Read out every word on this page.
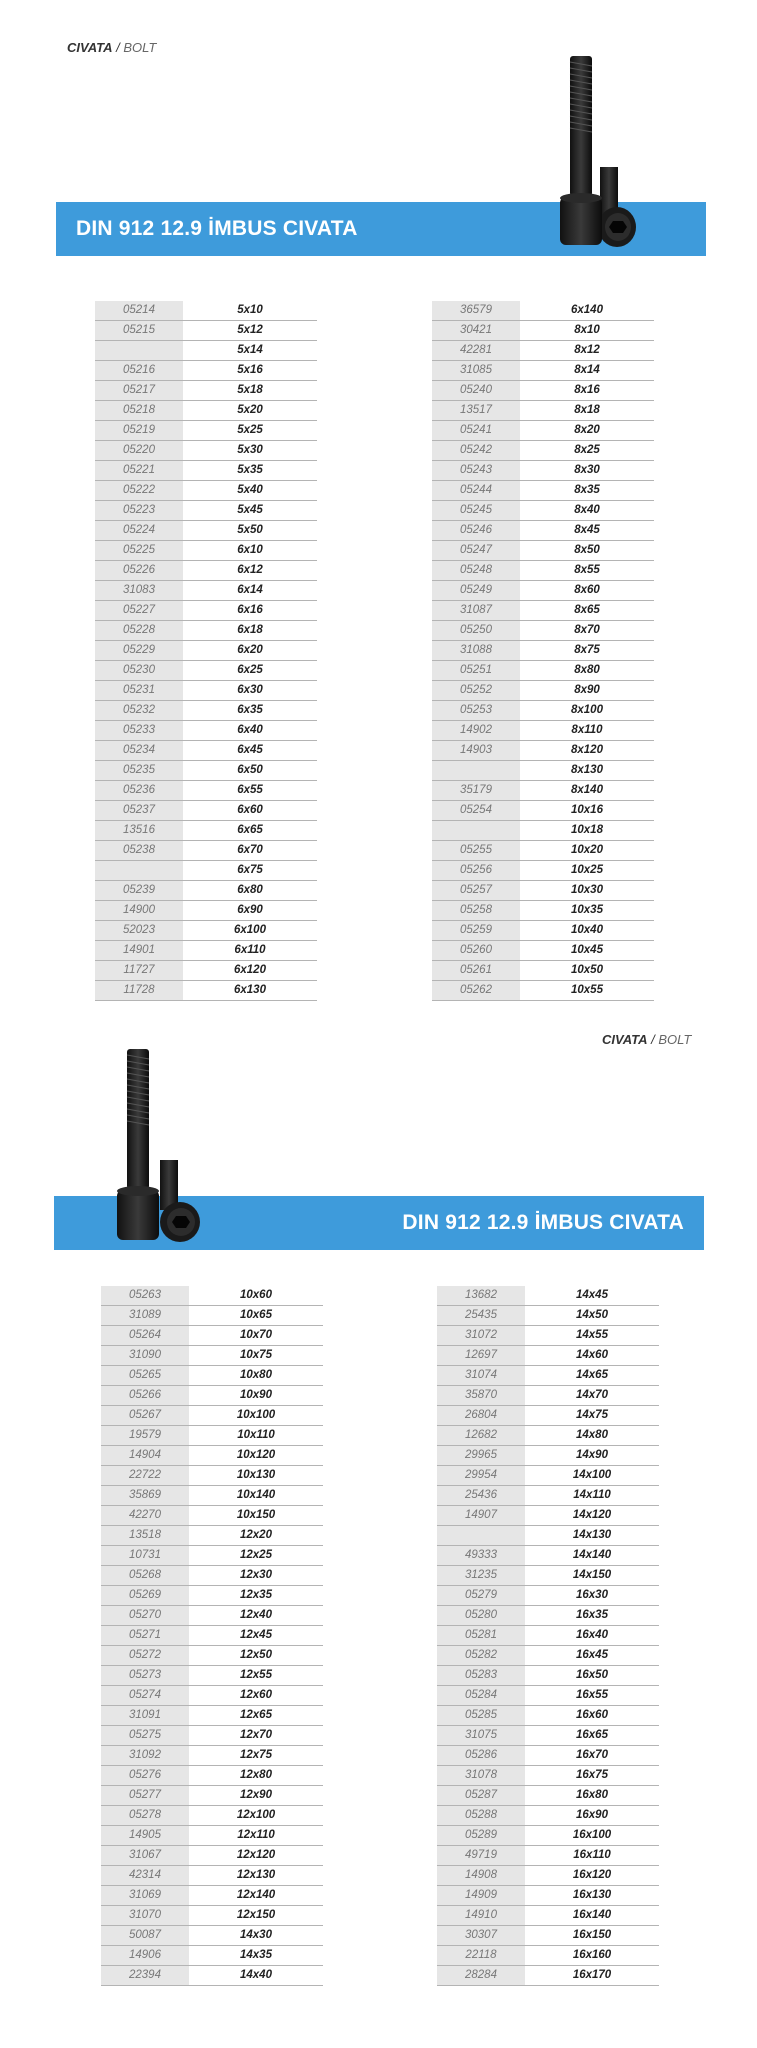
CIVATA / BOLT
DIN 912 12.9 İMBUS CIVATA
05214	5x10
05215	5x12
	5x14
05216	5x16
05217	5x18
05218	5x20
05219	5x25
05220	5x30
05221	5x35
05222	5x40
05223	5x45
05224	5x50
05225	6x10
05226	6x12
31083	6x14
05227	6x16
05228	6x18
05229	6x20
05230	6x25
05231	6x30
05232	6x35
05233	6x40
05234	6x45
05235	6x50
05236	6x55
05237	6x60
13516	6x65
05238	6x70
	6x75
05239	6x80
14900	6x90
52023	6x100
14901	6x110
11727	6x120
11728	6x130
36579	6x140
30421	8x10
42281	8x12
31085	8x14
05240	8x16
13517	8x18
05241	8x20
05242	8x25
05243	8x30
05244	8x35
05245	8x40
05246	8x45
05247	8x50
05248	8x55
05249	8x60
31087	8x65
05250	8x70
31088	8x75
05251	8x80
05252	8x90
05253	8x100
14902	8x110
14903	8x120
	8x130
35179	8x140
05254	10x16
	10x18
05255	10x20
05256	10x25
05257	10x30
05258	10x35
05259	10x40
05260	10x45
05261	10x50
05262	10x55
CIVATA / BOLT
DIN 912 12.9 İMBUS CIVATA
05263	10x60
31089	10x65
05264	10x70
31090	10x75
05265	10x80
05266	10x90
05267	10x100
19579	10x110
14904	10x120
22722	10x130
35869	10x140
42270	10x150
13518	12x20
10731	12x25
05268	12x30
05269	12x35
05270	12x40
05271	12x45
05272	12x50
05273	12x55
05274	12x60
31091	12x65
05275	12x70
31092	12x75
05276	12x80
05277	12x90
05278	12x100
14905	12x110
31067	12x120
42314	12x130
31069	12x140
31070	12x150
50087	14x30
14906	14x35
22394	14x40
13682	14x45
25435	14x50
31072	14x55
12697	14x60
31074	14x65
35870	14x70
26804	14x75
12682	14x80
29965	14x90
29954	14x100
25436	14x110
14907	14x120
	14x130
49333	14x140
31235	14x150
05279	16x30
05280	16x35
05281	16x40
05282	16x45
05283	16x50
05284	16x55
05285	16x60
31075	16x65
05286	16x70
31078	16x75
05287	16x80
05288	16x90
05289	16x100
49719	16x110
14908	16x120
14909	16x130
14910	16x140
30307	16x150
22118	16x160
28284	16x170
